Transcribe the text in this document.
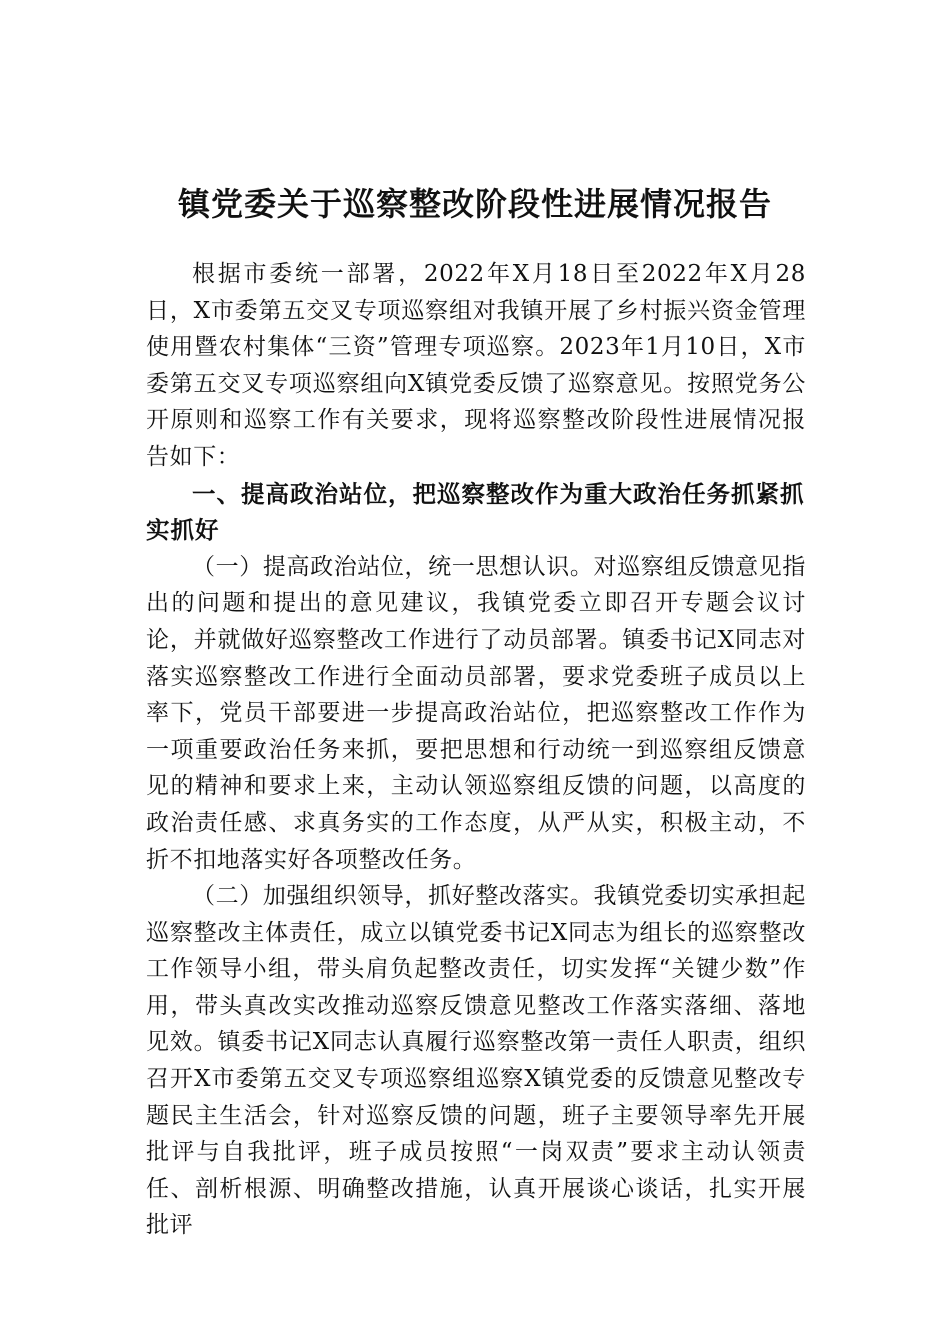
镇党委关于巡察整改阶段性进展情况报告

根据市委统一部署，2022年X月18日至2022年X月28日，X市委第五交叉专项巡察组对我镇开展了乡村振兴资金管理使用暨农村集体“三资”管理专项巡察。2023年1月10日，X市委第五交叉专项巡察组向X镇党委反馈了巡察意见。按照党务公开原则和巡察工作有关要求，现将巡察整改阶段性进展情况报告如下：

一、提高政治站位，把巡察整改作为重大政治任务抓紧抓实抓好

（一）提高政治站位，统一思想认识。对巡察组反馈意见指出的问题和提出的意见建议，我镇党委立即召开专题会议讨论，并就做好巡察整改工作进行了动员部署。镇委书记X同志对落实巡察整改工作进行全面动员部署，要求党委班子成员以上率下，党员干部要进一步提高政治站位，把巡察整改工作作为一项重要政治任务来抓，要把思想和行动统一到巡察组反馈意见的精神和要求上来，主动认领巡察组反馈的问题，以高度的政治责任感、求真务实的工作态度，从严从实，积极主动，不折不扣地落实好各项整改任务。

（二）加强组织领导，抓好整改落实。我镇党委切实承担起巡察整改主体责任，成立以镇党委书记X同志为组长的巡察整改工作领导小组，带头肩负起整改责任，切实发挥“关键少数”作用，带头真改实改推动巡察反馈意见整改工作落实落细、落地见效。镇委书记X同志认真履行巡察整改第一责任人职责，组织召开X市委第五交叉专项巡察组巡察X镇党委的反馈意见整改专题民主生活会，针对巡察反馈的问题，班子主要领导率先开展批评与自我批评，班子成员按照“一岗双责”要求主动认领责任、剖析根源、明确整改措施，认真开展谈心谈话，扎实开展批评
